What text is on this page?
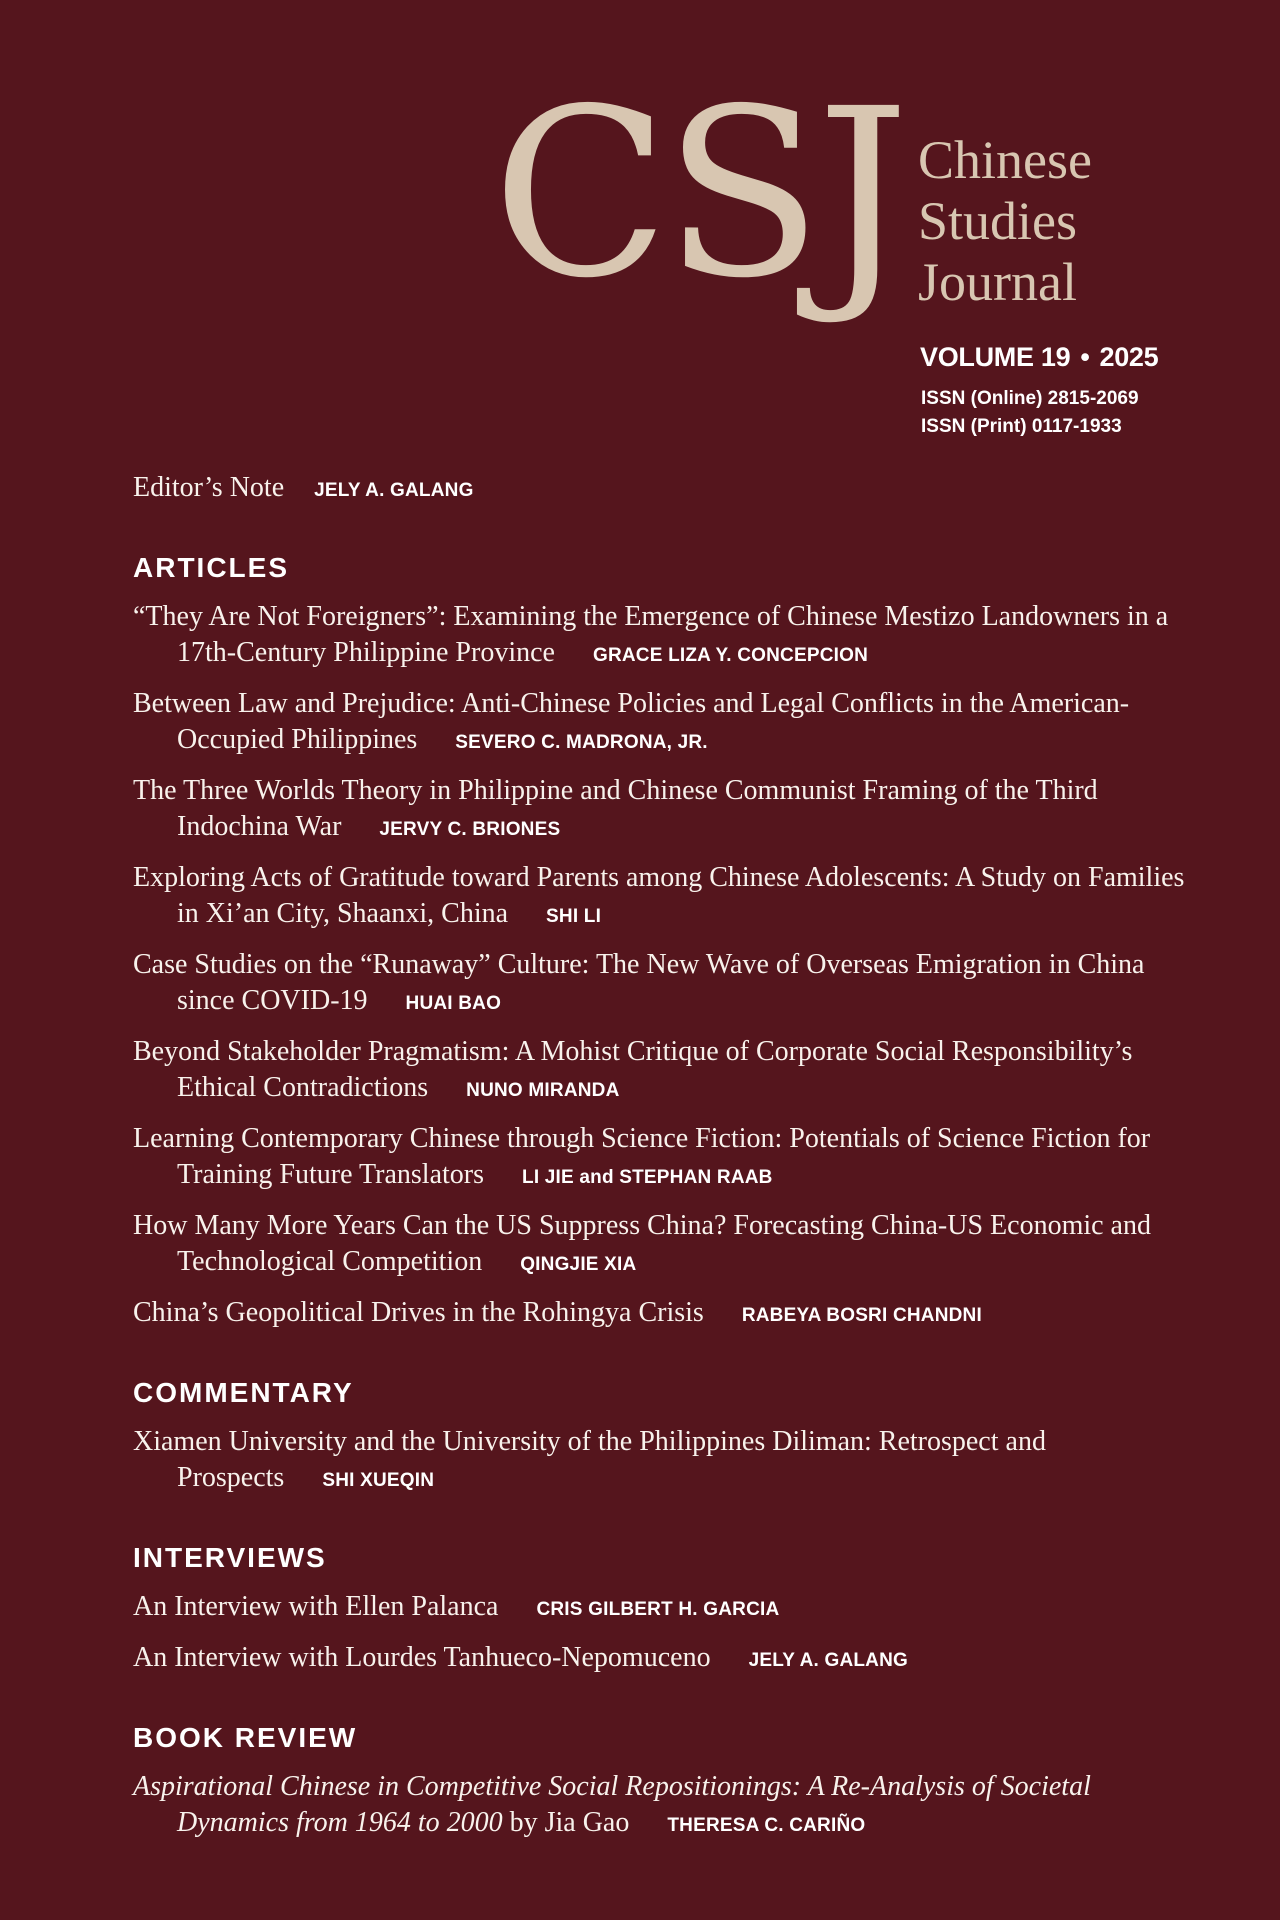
CSJ Chinese
Studies
Journal
VOLUME 19 • 2025
ISSN (Online) 2815-2069
ISSN (Print) 0117-1933
Editor’s Note JELY A. GALANG
ARTICLES
“They Are Not Foreigners”: Examining the Emergence of Chinese Mestizo Landowners in a 17th-Century Philippine Province GRACE LIZA Y. CONCEPCION
Between Law and Prejudice: Anti-Chinese Policies and Legal Conflicts in the American-Occupied Philippines SEVERO C. MADRONA, JR.
The Three Worlds Theory in Philippine and Chinese Communist Framing of the Third Indochina War JERVY C. BRIONES
Exploring Acts of Gratitude toward Parents among Chinese Adolescents: A Study on Families in Xi’an City, Shaanxi, China SHI LI
Case Studies on the “Runaway” Culture: The New Wave of Overseas Emigration in China since COVID-19 HUAI BAO
Beyond Stakeholder Pragmatism: A Mohist Critique of Corporate Social Responsibility’s Ethical Contradictions NUNO MIRANDA
Learning Contemporary Chinese through Science Fiction: Potentials of Science Fiction for Training Future Translators LI JIE and STEPHAN RAAB
How Many More Years Can the US Suppress China? Forecasting China-US Economic and Technological Competition QINGJIE XIA
China’s Geopolitical Drives in the Rohingya Crisis RABEYA BOSRI CHANDNI
COMMENTARY
Xiamen University and the University of the Philippines Diliman: Retrospect and Prospects SHI XUEQIN
INTERVIEWS
An Interview with Ellen Palanca CRIS GILBERT H. GARCIA
An Interview with Lourdes Tanhueco-Nepomuceno JELY A. GALANG
BOOK REVIEW
Aspirational Chinese in Competitive Social Repositionings: A Re-Analysis of Societal Dynamics from 1964 to 2000 by Jia Gao THERESA C. CARIÑO
